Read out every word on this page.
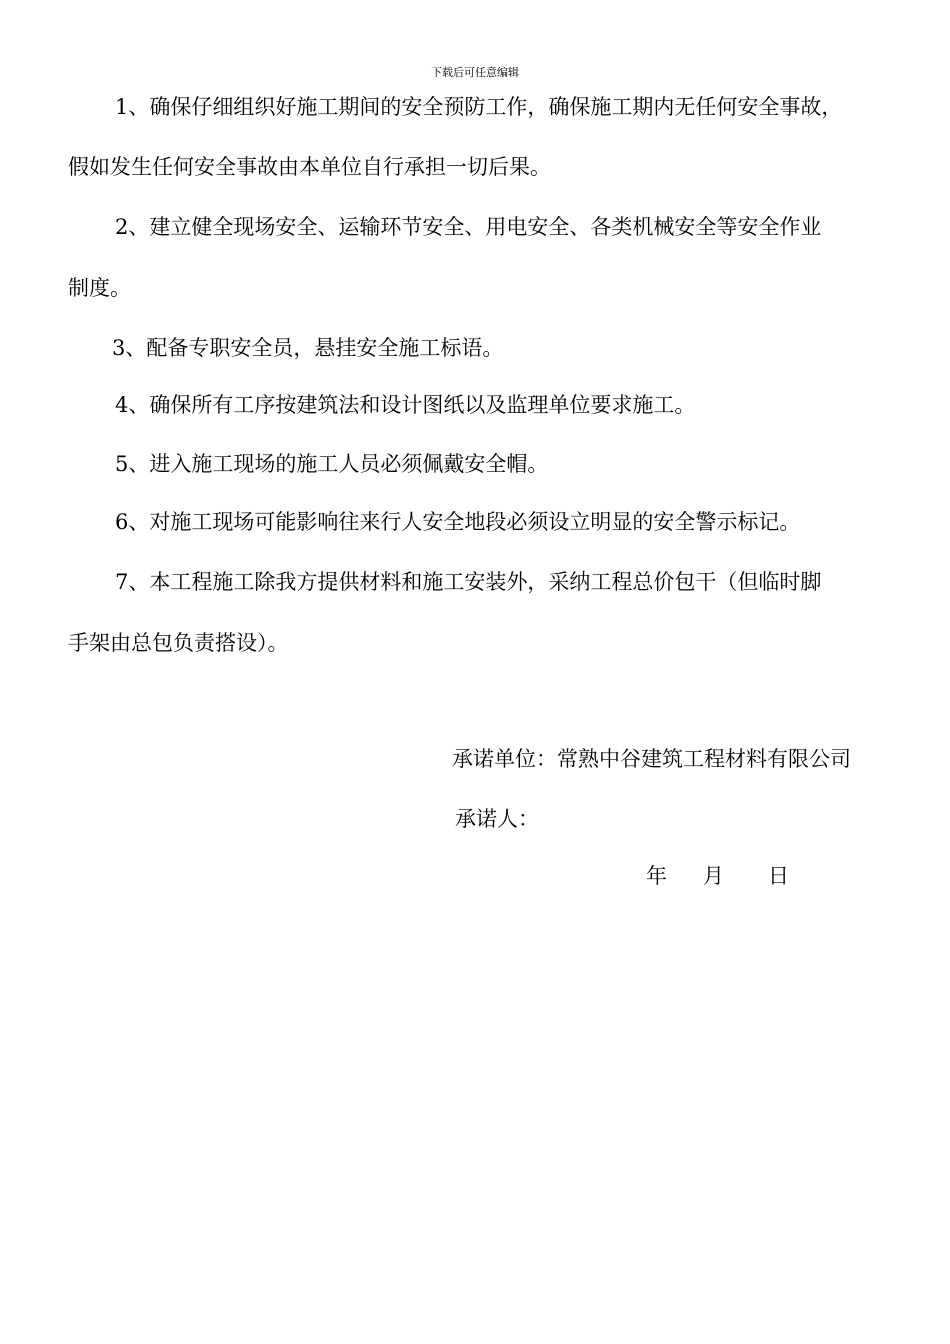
下载后可任意编辑
1、确保仔细组织好施工期间的安全预防工作，确保施工期内无任何安全事故，
假如发生任何安全事故由本单位自行承担一切后果。
2、建立健全现场安全、运输环节安全、用电安全、各类机械安全等安全作业
制度。
3、配备专职安全员，悬挂安全施工标语。
4、确保所有工序按建筑法和设计图纸以及监理单位要求施工。
5、进入施工现场的施工人员必须佩戴安全帽。
6、对施工现场可能影响往来行人安全地段必须设立明显的安全警示标记。
7、本工程施工除我方提供材料和施工安装外，采纳工程总价包干（但临时脚
手架由总包负责搭设）。
承诺单位：常熟中谷建筑工程材料有限公司
承诺人：
年 月 日
